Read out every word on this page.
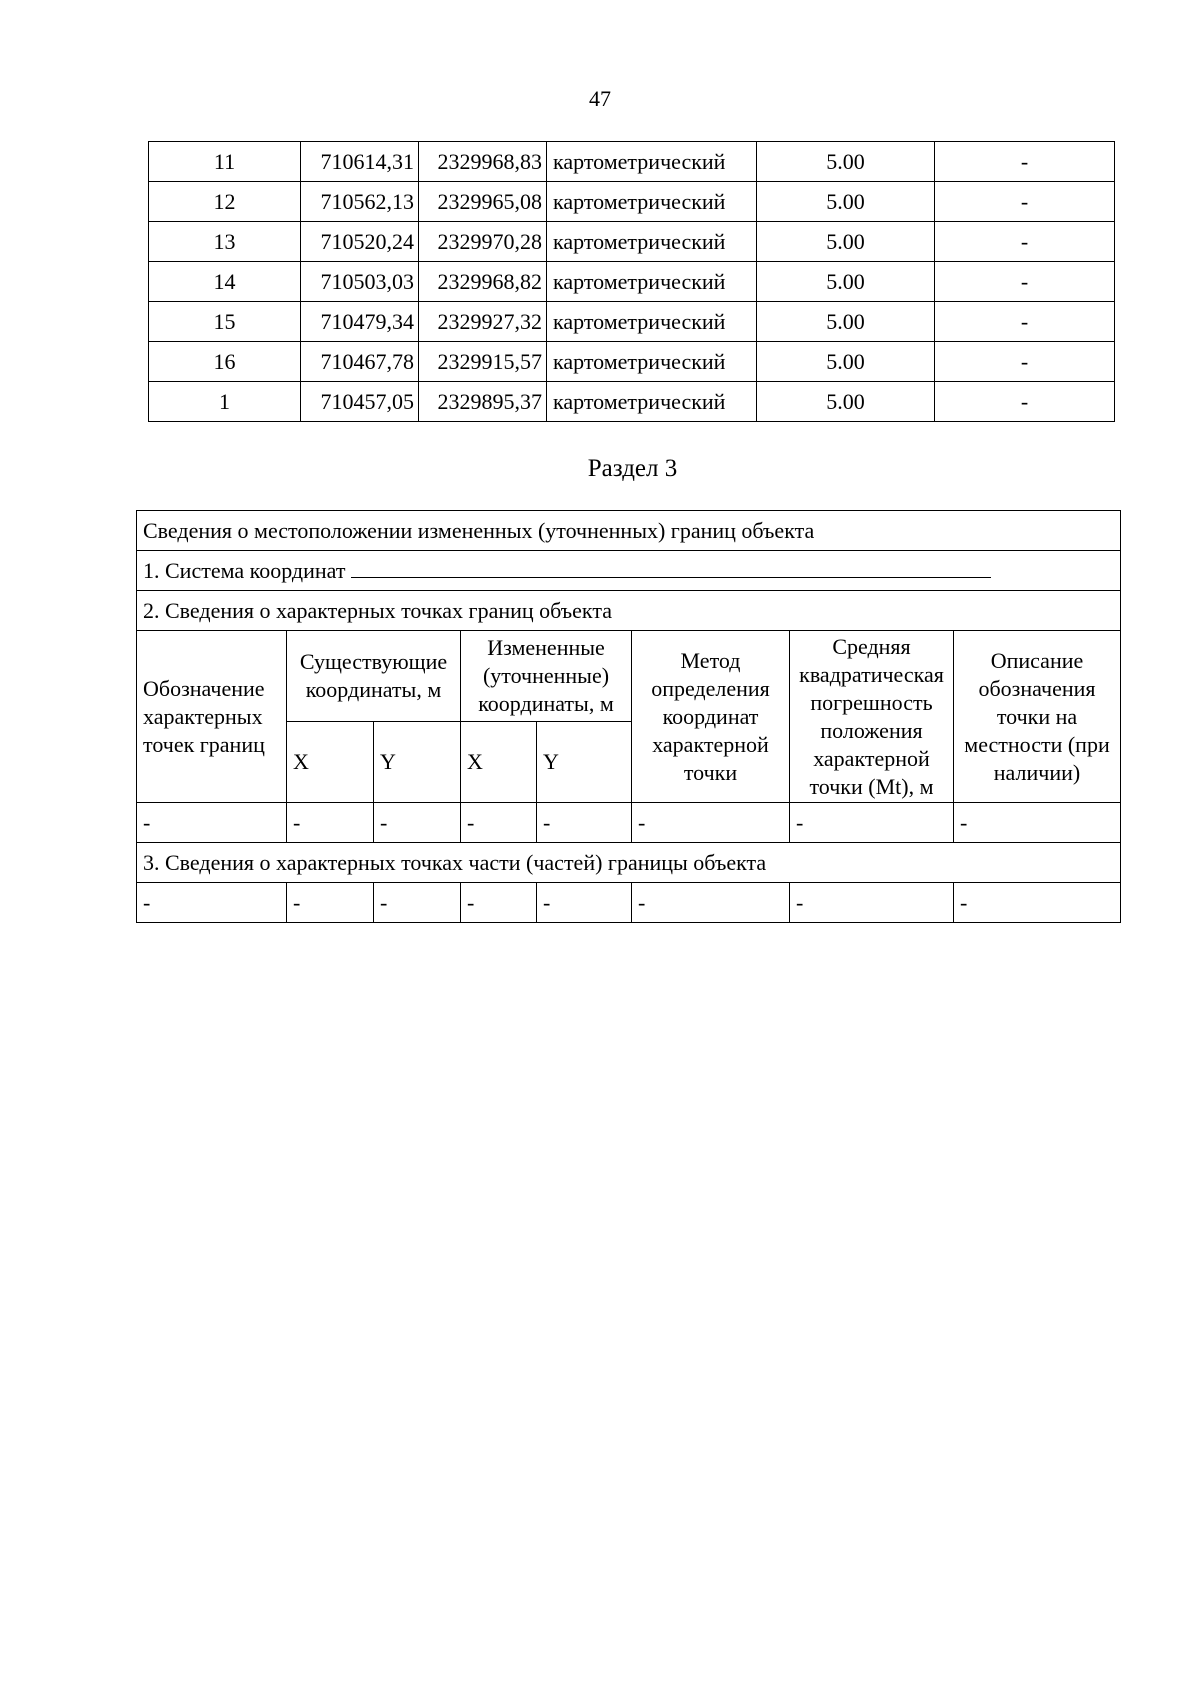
47
11	710614,31	2329968,83	картометрический	5.00	-
12	710562,13	2329965,08	картометрический	5.00	-
13	710520,24	2329970,28	картометрический	5.00	-
14	710503,03	2329968,82	картометрический	5.00	-
15	710479,34	2329927,32	картометрический	5.00	-
16	710467,78	2329915,57	картометрический	5.00	-
1	710457,05	2329895,37	картометрический	5.00	-
Раздел 3
Сведения о местоположении измененных (уточненных) границ объекта							
1. Система координат							
2. Сведения о характерных точках границ объекта							
Обозначение характерных точек границ	Существующие координаты, м		Измененные (уточненные) координаты, м		Метод определения координат характерной точки	Средняя квадратическая погрешность положения характерной точки (Mt), м	Описание обозначения точки на местности (при наличии)
	X	Y	X	Y			
-	-	-	-	-	-	-	-
3. Сведения о характерных точках части (частей) границы объекта							
-	-	-	-	-	-	-	-
